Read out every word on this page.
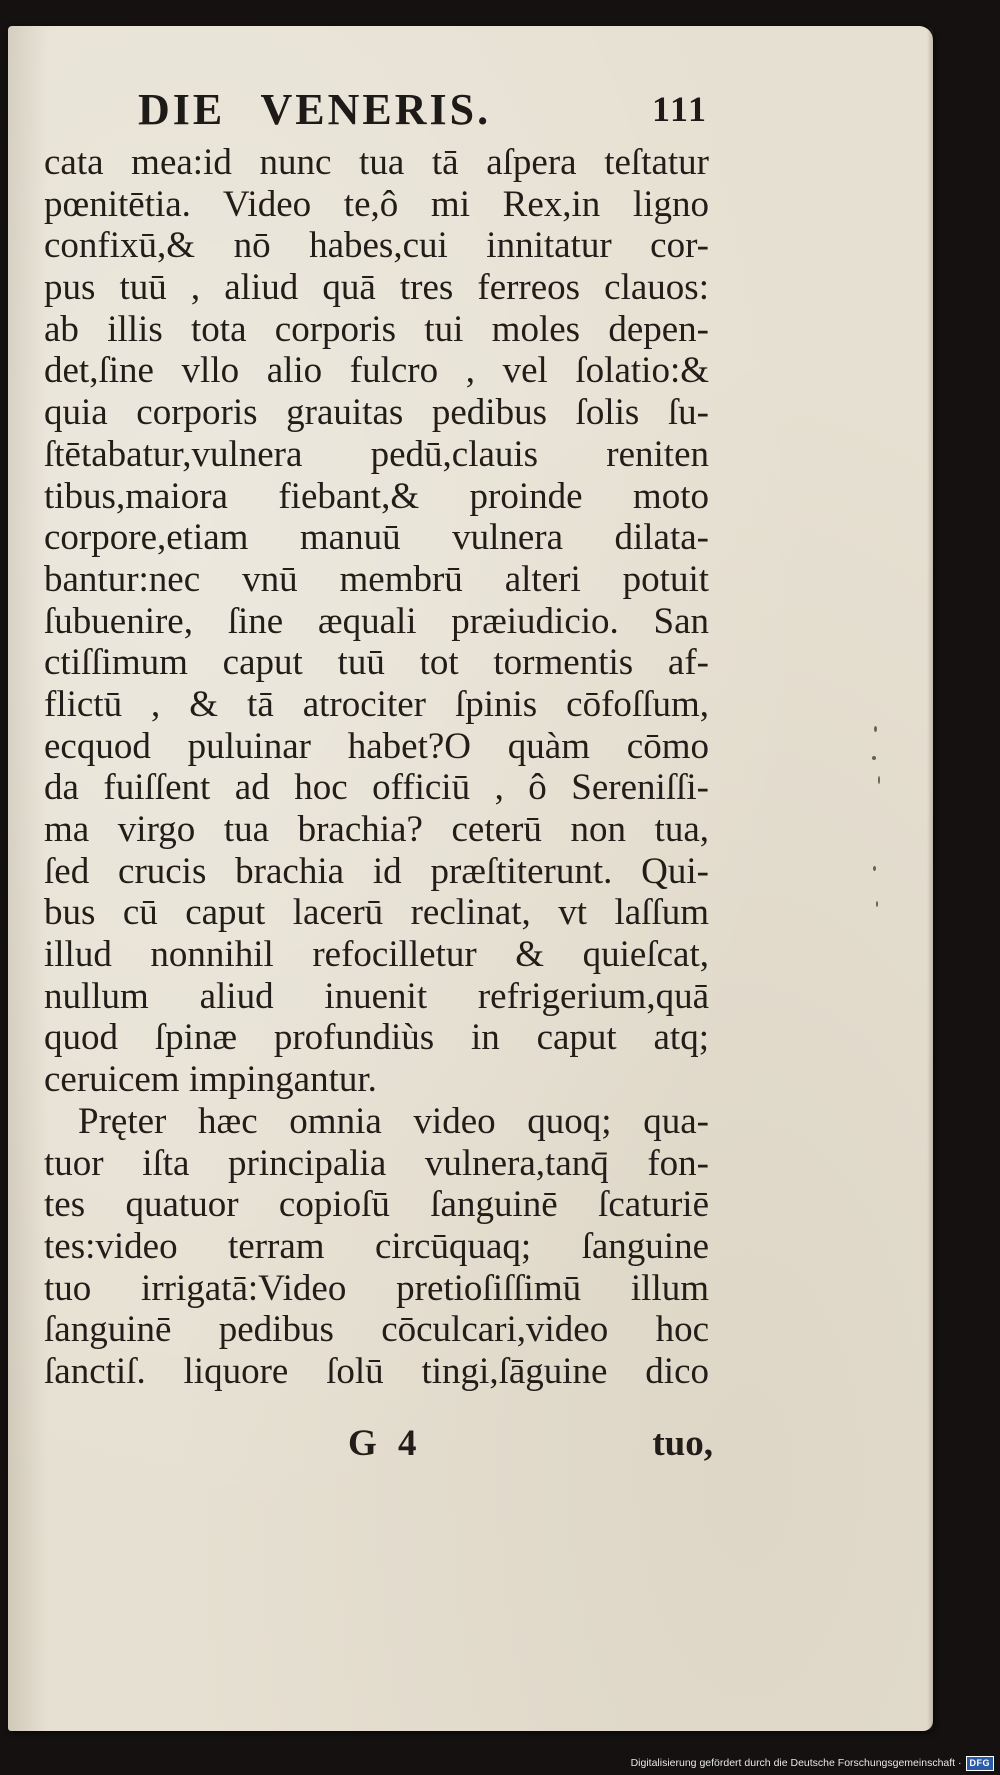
DIE VENERIS.	111
cata mea:id nunc tua tā aſpera teſtatur
pœnitētia. Video te,ô mi Rex,in ligno
confixū,& nō habes,cui innitatur cor-
pus tuū , aliud quā tres ferreos clauos:
ab illis tota corporis tui moles depen-
det,ſine vllo alio fulcro , vel ſolatio:&
quia corporis grauitas pedibus ſolis ſu-
ſtētabatur,vulnera pedū,clauis reniten
tibus,maiora fiebant,& proinde moto
corpore,etiam manuū vulnera dilata-
bantur:nec vnū membrū alteri potuit
ſubuenire, ſine æquali præiudicio. San
ctiſſimum caput tuū tot tormentis af-
flictū , & tā atrociter ſpinis cōfoſſum,
ecquod puluinar habet?O quàm cōmo
da fuiſſent ad hoc officiū , ô Sereniſſi-
ma virgo tua brachia? ceterū non tua,
ſed crucis brachia id præſtiterunt. Qui-
bus cū caput lacerū reclinat, vt laſſum
illud nonnihil refocilletur & quieſcat,
nullum aliud inuenit refrigerium,quā
quod ſpinæ profundiùs in caput atq;
ceruicem impingantur.
Pręter hæc omnia video quoq; qua-
tuor iſta principalia vulnera,tanq̄ fon-
tes quatuor copioſū ſanguinē ſcaturiē
tes:video terram circūquaq; ſanguine
tuo irrigatā:Video pretioſiſſimū illum
ſanguinē pedibus cōculcari,video hoc
ſanctiſ. liquore ſolū tingi,ſāguine dico
G 4	tuo,
Digitalisierung gefördert durch die Deutsche Forschungsgemeinschaft · DFG
